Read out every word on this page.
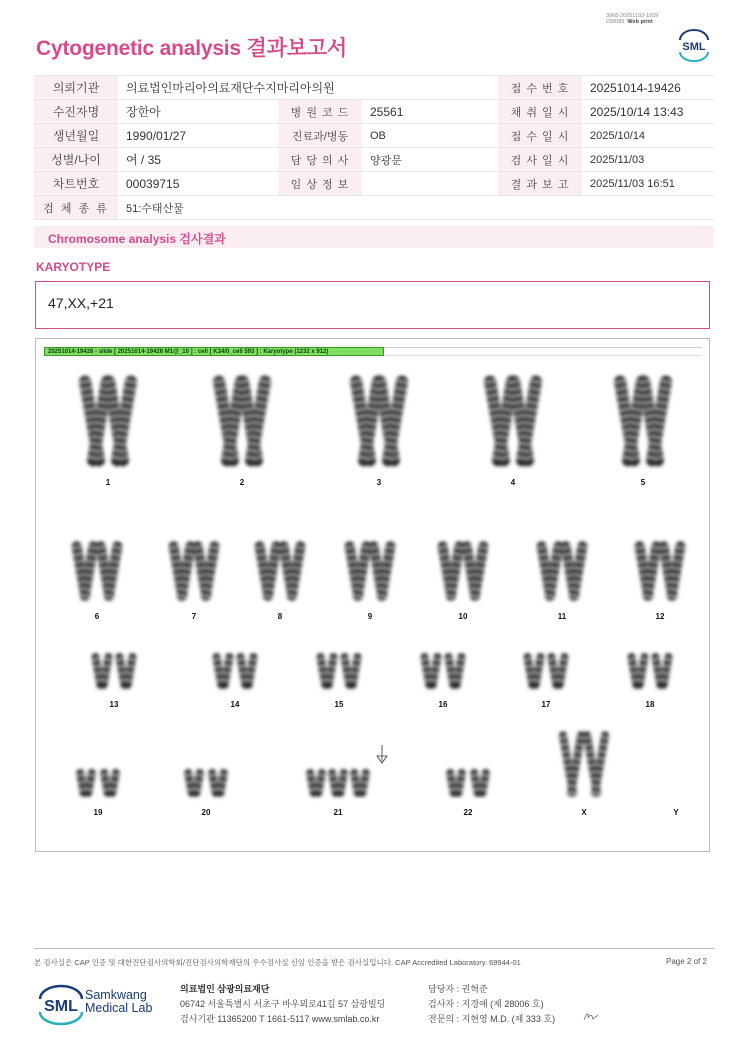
3068-20251103-1659
230083 Web print
SML
Cytogenetic analysis 결과보고서
의뢰기관	의료법인마리아의료재단수지마리아의원			접 수 번 호	20251014-19426
수진자명	장한아	병 원 코 드	25561	채 취 일 시	2025/10/14 13:43
생년월일	1990/01/27	진료과/병동	OB	접 수 일 시	2025/10/14
성별/나이	여 / 35	담 당 의 사	양광문	검 사 일 시	2025/11/03
차트번호	00039715	임 상 정 보		결 과 보 고	2025/11/03 16:51
검 체 종 류	51:수태산물				
Chromosome analysis 검사결과
KARYOTYPE
47,XX,+21
20251014-19426 - slide [ 20251014-19426 M1@_10 ] : cell [ K34/0_cell 593 ] : Karyotype (1232 x 912)
1	2	3	4	5
6	7	8	9	10	11	12
13	14	15	16	17	18
19	20	21	22	X	Y
본 검사실은 CAP 인증 및 대한진단검사의학회/진단검사의학재단의 우수검사실 신임 인증을 받은 검사실입니다. CAP Accredited Laboratory. 69944-01	Page 2 of 2
SML
Samkwang
Medical Lab
의료법인 삼광의료재단
06742 서울특별시 서초구 바우뫼로41길 57 삼광빌딩
검사기관 11365200 T 1661-5117 www.smlab.co.kr
담당자 : 권혁준
검사자 : 지경애 (제 28006 호)
전문의 : 지현영 M.D. (제 333 호)
